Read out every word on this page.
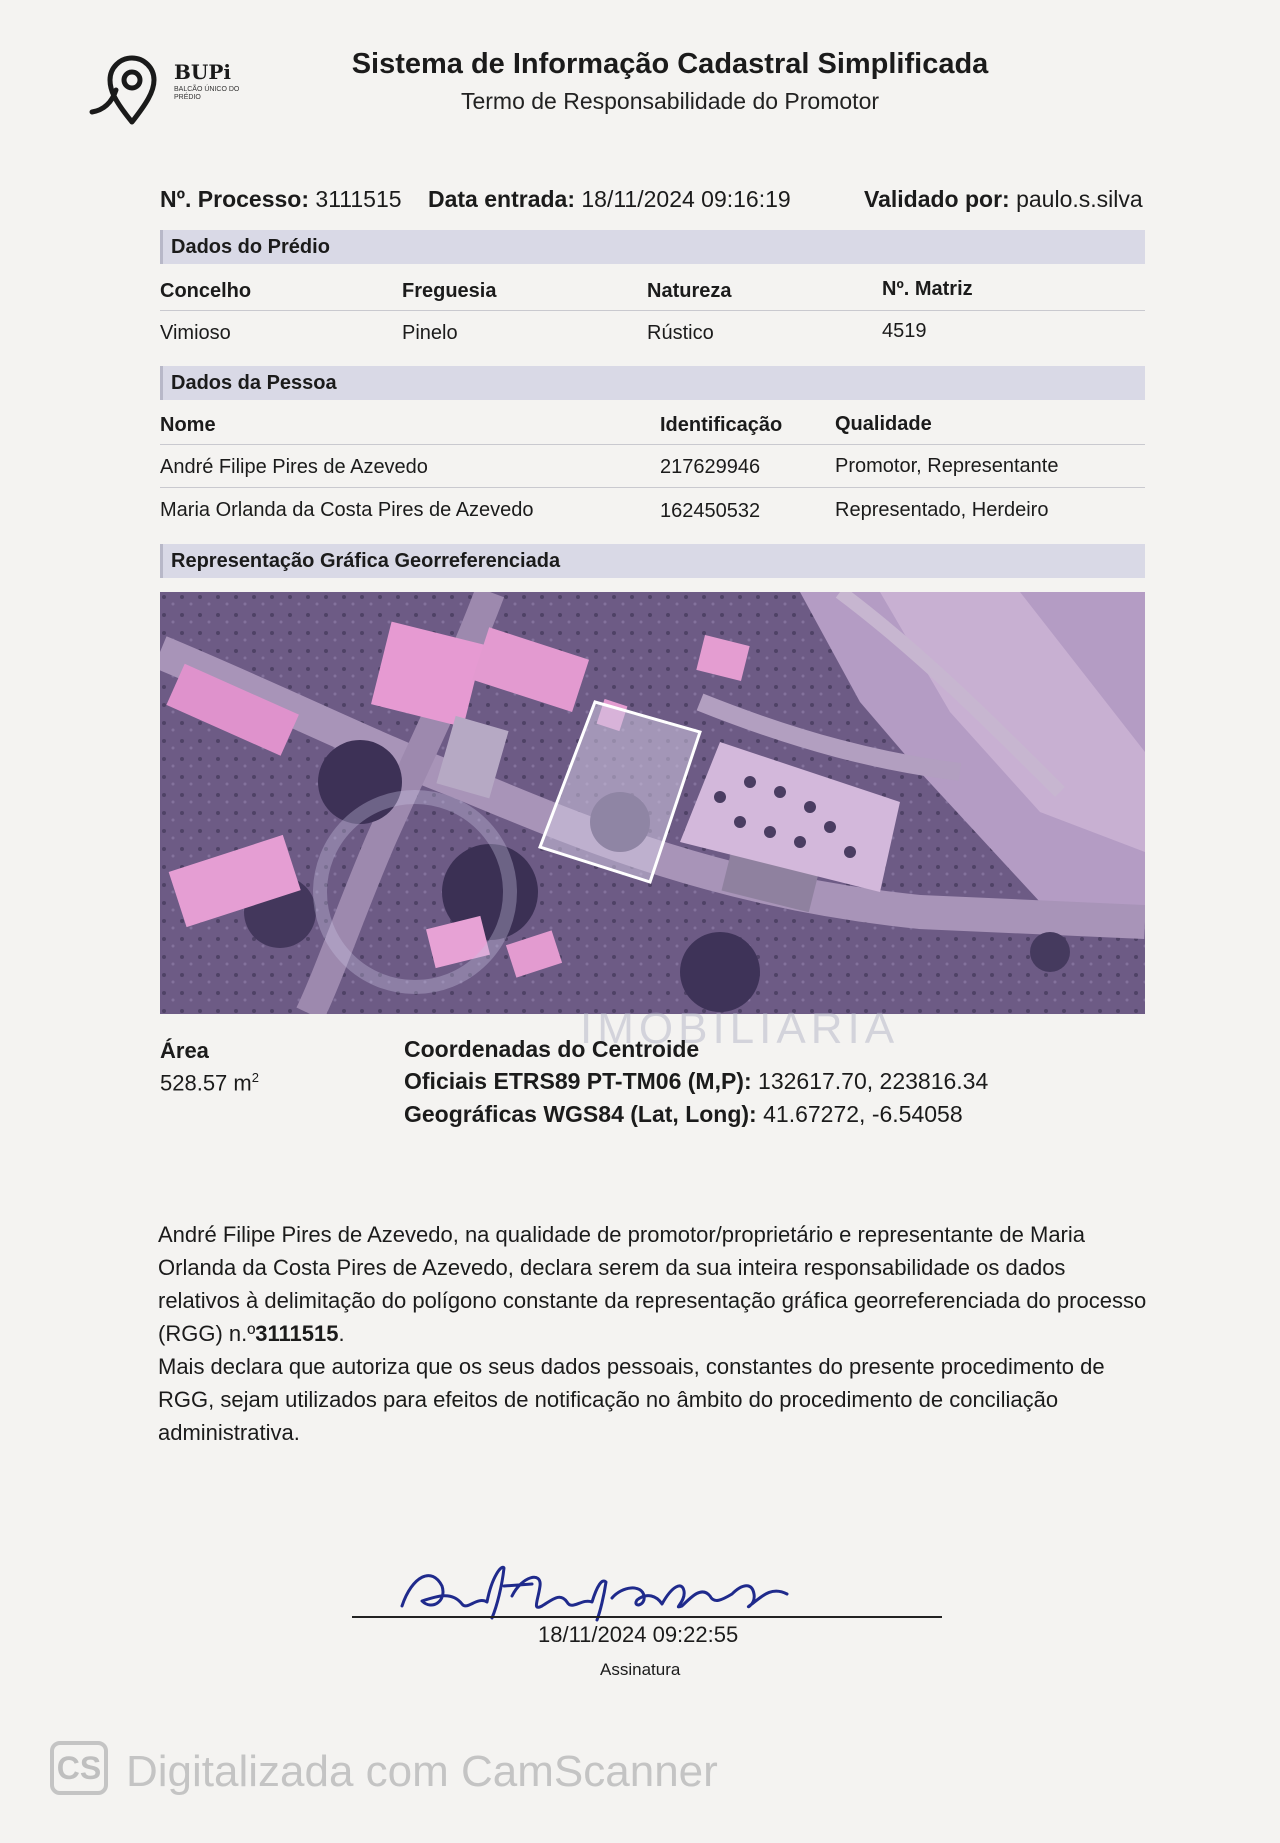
BUPi
BALCÃO ÚNICO DO PRÉDIO
Sistema de Informação Cadastral Simplificada
Termo de Responsabilidade do Promotor
Nº. Processo: 3111515 Data entrada: 18/11/2024 09:16:19	Validado por: paulo.s.silva
Dados do Prédio
Concelho	Freguesia	Natureza	Nº. Matriz
Vimioso	Pinelo	Rústico	4519
Dados da Pessoa
Nome	Identificação	Qualidade
André Filipe Pires de Azevedo	217629946	Promotor, Representante
Maria Orlanda da Costa Pires de Azevedo	162450532	Representado, Herdeiro
Representação Gráfica Georreferenciada
IMOBILIARIA
Área
528.57 $m^2$
Coordenadas do Centroide
Oficiais ETRS89 PT-TM06 (M,P): 132617.70, 223816.34
Geográficas WGS84 (Lat, Long): 41.67272, -6.54058

André Filipe Pires de Azevedo, na qualidade de promotor/proprietário e representante de Maria Orlanda da Costa Pires de Azevedo, declara serem da sua inteira responsabilidade os dados relativos à delimitação do polígono constante da representação gráfica georreferenciada do processo (RGG) n.º3111515.

Mais declara que autoriza que os seus dados pessoais, constantes do presente procedimento de RGG, sejam utilizados para efeitos de notificação no âmbito do procedimento de conciliação administrativa.

18/11/2024 09:22:55
Assinatura
CS Digitalizada com CamScanner
